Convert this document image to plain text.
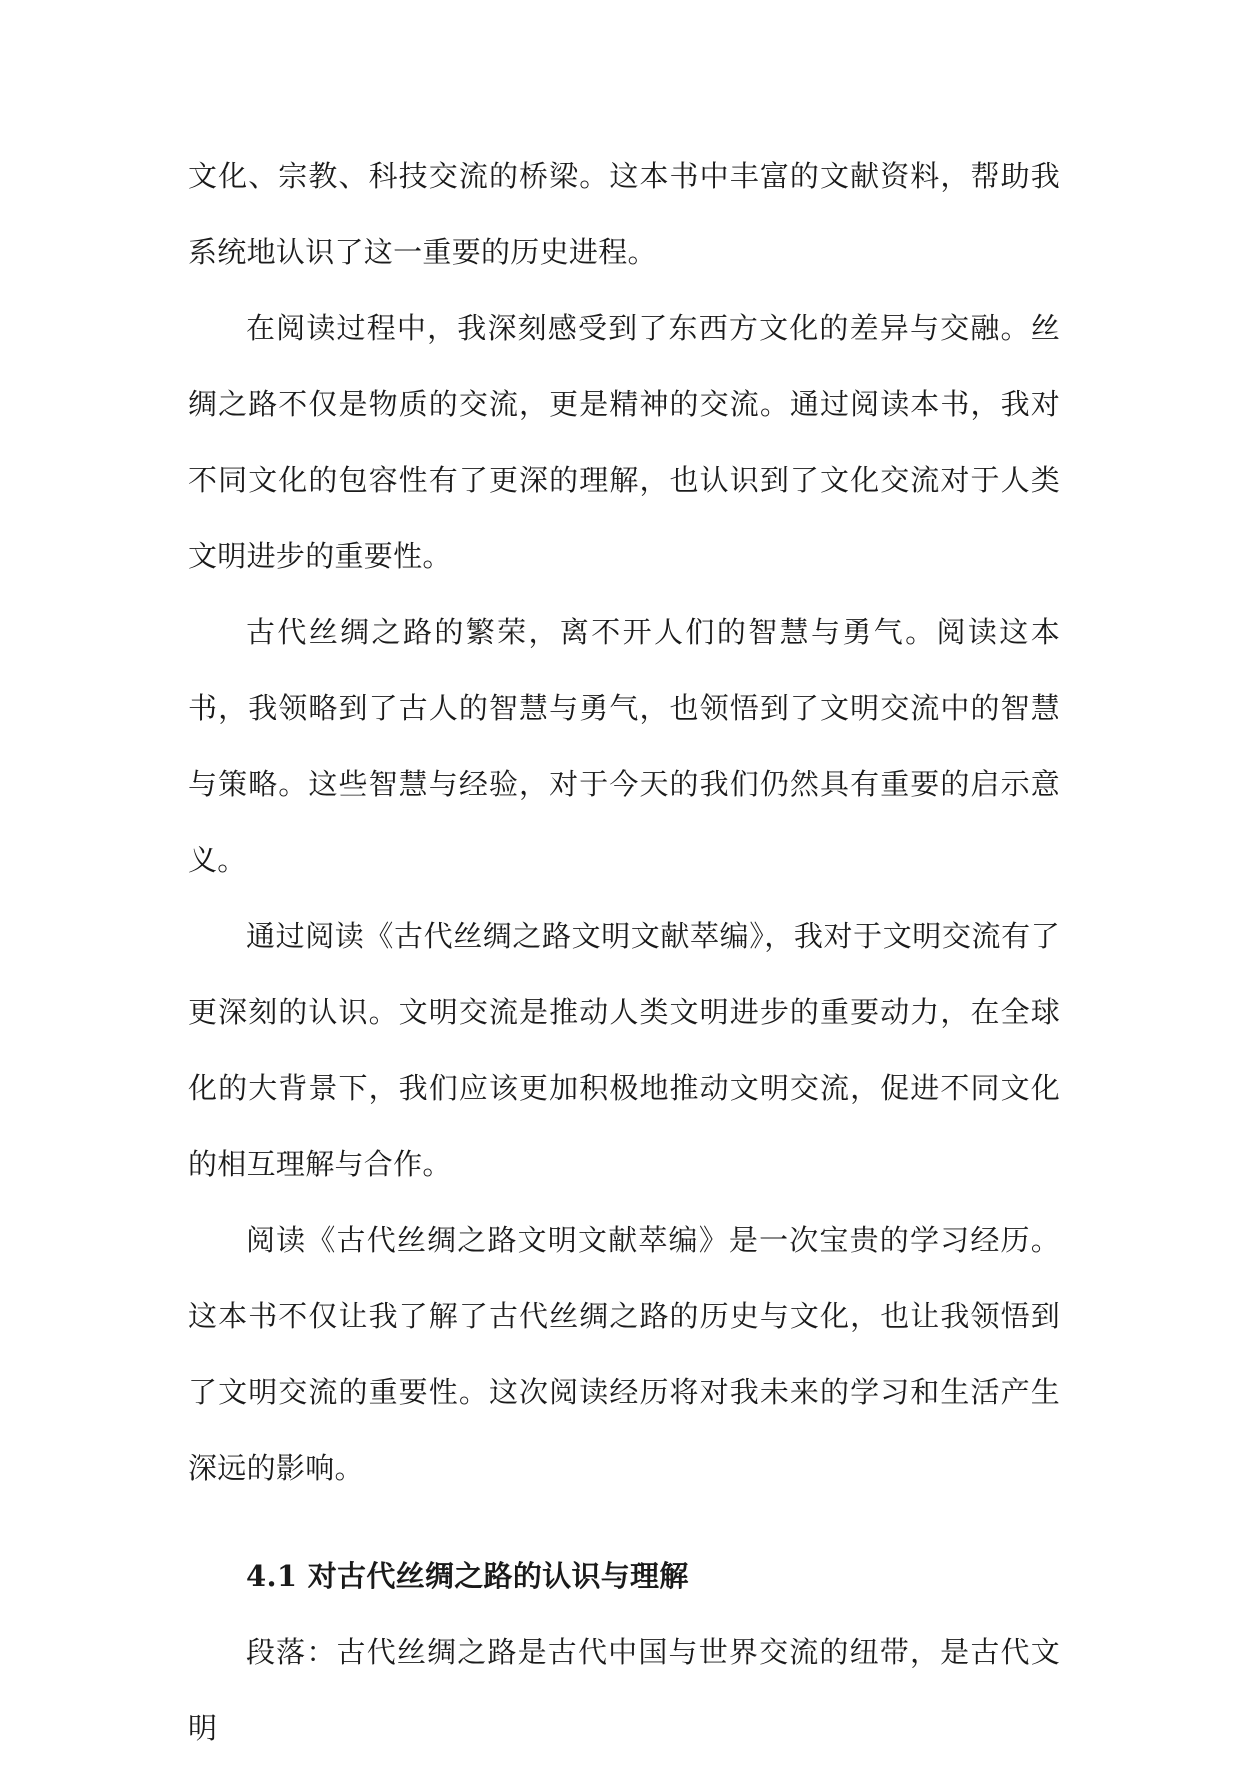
文化、宗教、科技交流的桥梁。这本书中丰富的文献资料，帮助我系统地认识了这一重要的历史进程。

在阅读过程中，我深刻感受到了东西方文化的差异与交融。丝绸之路不仅是物质的交流，更是精神的交流。通过阅读本书，我对不同文化的包容性有了更深的理解，也认识到了文化交流对于人类文明进步的重要性。

古代丝绸之路的繁荣，离不开人们的智慧与勇气。阅读这本书，我领略到了古人的智慧与勇气，也领悟到了文明交流中的智慧与策略。这些智慧与经验，对于今天的我们仍然具有重要的启示意义。

通过阅读《古代丝绸之路文明文献萃编》，我对于文明交流有了更深刻的认识。文明交流是推动人类文明进步的重要动力，在全球化的大背景下，我们应该更加积极地推动文明交流，促进不同文化的相互理解与合作。

阅读《古代丝绸之路文明文献萃编》是一次宝贵的学习经历。这本书不仅让我了解了古代丝绸之路的历史与文化，也让我领悟到了文明交流的重要性。这次阅读经历将对我未来的学习和生活产生深远的影响。

4.1 对古代丝绸之路的认识与理解

段落：古代丝绸之路是古代中国与世界交流的纽带，是古代文明
